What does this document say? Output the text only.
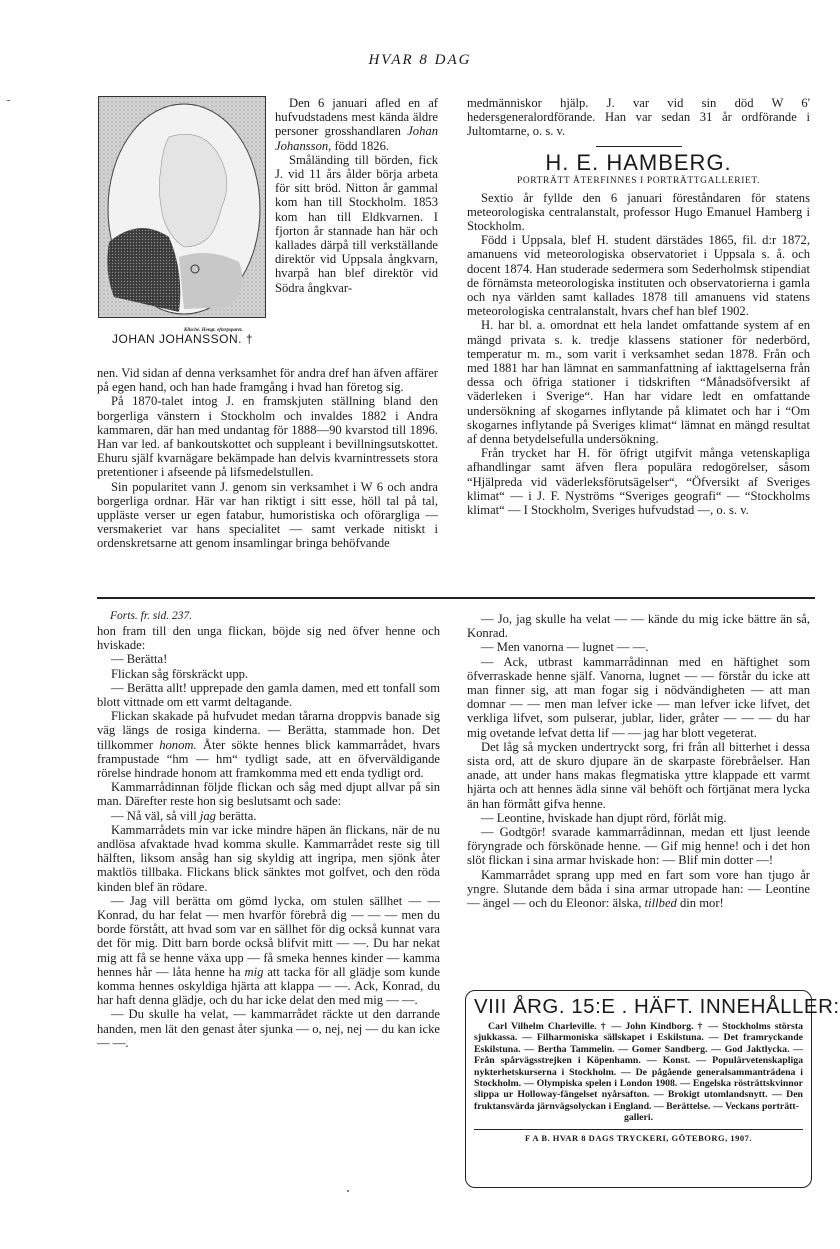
HVAR 8 DAG
Klisché. Hengt. efterpsparet.
JOHAN JOHANSSON. †

Den 6 januari afled en af hufvudstadens mest kända äldre personer grosshandlaren Johan Johansson, född 1826.

Småländing till börden, fick J. vid 11 års ålder börja arbeta för sitt bröd. Nitton år gammal kom han till Stockholm. 1853 kom han till Eldkvarnen. I fjorton år stannade han här och kallades därpå till verkställande direktör vid Uppsala ångkvarn, hvarpå han blef direktör vid Södra ångkvar-

nen. Vid sidan af denna verksamhet för andra dref han äfven affärer på egen hand, och han hade framgång i hvad han företog sig.

På 1870-talet intog J. en framskjuten ställning bland den borgerliga vänstern i Stockholm och invaldes 1882 i Andra kammaren, där han med undantag för 1888—90 kvarstod till 1896. Han var led. af bankoutskottet och suppleant i bevillningsutskottet. Ehuru själf kvarnägare bekämpade han delvis kvarnintressets stora pretentioner i afseende på lifsmedelstullen.

Sin popularitet vann J. genom sin verksamhet i W 6 och andra borgerliga ordnar. Här var han riktigt i sitt esse, höll tal på tal, uppläste verser ur egen fatabur, humoristiska och oförargliga — versmakeriet var hans specialitet — samt verkade nitiskt i ordenskretsarne att genom insamlingar bringa behöfvande

medmänniskor hjälp. J. var vid sin död W 6' hedersgeneralordförande. Han var sedan 31 år ordförande i Jultomtarne, o. s. v.

H. E. HAMBERG.
PORTRÄTT ÅTERFINNES I PORTRÄTTGALLERIET.

Sextio år fyllde den 6 januari föreståndaren för statens meteorologiska centralanstalt, professor Hugo Emanuel Hamberg i Stockholm.

Född i Uppsala, blef H. student därstädes 1865, fil. d:r 1872, amanuens vid meteorologiska observatoriet i Uppsala s. å. och docent 1874. Han studerade sedermera som Sederholmsk stipendiat de förnämsta meteorologiska instituten och observatorierna i gamla och nya världen samt kallades 1878 till amanuens vid statens meteorologiska centralanstalt, hvars chef han blef 1902.

H. har bl. a. omordnat ett hela landet omfattande system af en mängd privata s. k. tredje klassens stationer för nederbörd, temperatur m. m., som varit i verksamhet sedan 1878. Från och med 1881 har han lämnat en sammanfattning af iakttagelserna från dessa och öfriga stationer i tidskriften “Månadsöfversikt af väderleken i Sverige“. Han har vidare ledt en omfattande undersökning af skogarnes inflytande på klimatet och har i “Om skogarnes inflytande på Sveriges klimat“ lämnat en mängd resultat af denna betydelsefulla undersökning.

Från trycket har H. för öfrigt utgifvit många vetenskapliga afhandlingar samt äfven flera populära redogörelser, såsom “Hjälpreda vid väderleksförutsägelser“, “Öfversikt af Sveriges klimat“ — i J. F. Nyströms “Sveriges geografi“ — “Stockholms klimat“ — I Stockholm, Sveriges hufvudstad —, o. s. v.

Forts. fr. sid. 237.

hon fram till den unga flickan, böjde sig ned öfver henne och hviskade:

— Berätta!

Flickan såg förskräckt upp.

— Berätta allt! upprepade den gamla damen, med ett tonfall som blott vittnade om ett varmt deltagande.

Flickan skakade på hufvudet medan tårarna droppvis banade sig väg längs de rosiga kinderna. — Berätta, stammade hon. Det tillkommer honom. Åter sökte hennes blick kammarrådet, hvars frampustade “hm — hm“ tydligt sade, att en öfverväldigande rörelse hindrade honom att framkomma med ett enda tydligt ord.

Kammarrådinnan följde flickan och såg med djupt allvar på sin man. Därefter reste hon sig beslutsamt och sade:

— Nå väl, så vill jag berätta.

Kammarrådets min var icke mindre häpen än flickans, när de nu andlösa afvaktade hvad komma skulle. Kammarrådet reste sig till hälften, liksom ansåg han sig skyldig att ingripa, men sjönk åter maktlös tillbaka. Flickans blick sänktes mot golfvet, och den röda kinden blef än rödare.

— Jag vill berätta om gömd lycka, om stulen sällhet — — Konrad, du har felat — men hvarför förebrå dig — — — men du borde förstått, att hvad som var en sällhet för dig också kunnat vara det för mig. Ditt barn borde också blifvit mitt — —. Du har nekat mig att få se henne växa upp — få smeka hennes kinder — kamma hennes hår — låta henne ha mig att tacka för all glädje som kunde komma hennes oskyldiga hjärta att klappa — —. Ack, Konrad, du har haft denna glädje, och du har icke delat den med mig — —.

— Du skulle ha velat, — kammarrådet räckte ut den darrande handen, men lät den genast åter sjunka — o, nej, nej — du kan icke — —.

— Jo, jag skulle ha velat — — kände du mig icke bättre än så, Konrad.

— Men vanorna — lugnet — —.

— Ack, utbrast kammarrådinnan med en häftighet som öfverraskade henne själf. Vanorna, lugnet — — förstår du icke att man finner sig, att man fogar sig i nödvändigheten — att man domnar — — men man lefver icke — man lefver icke lifvet, det verkliga lifvet, som pulserar, jublar, lider, gråter — — — du har mig ovetande lefvat detta lif — — jag har blott vegeterat.

Det låg så mycken undertryckt sorg, fri från all bitterhet i dessa sista ord, att de skuro djupare än de skarpaste förebråelser. Han anade, att under hans makas flegmatiska yttre klappade ett varmt hjärta och att hennes ädla sinne väl behöft och förtjänat mera lycka än han förmått gifva henne.

— Leontine, hviskade han djupt rörd, förlåt mig.

— Godtgör! svarade kammarrådinnan, medan ett ljust leende föryngrade och förskönade henne. — Gif mig henne! och i det hon slöt flickan i sina armar hviskade hon: — Blif min dotter —!

Kammarrådet sprang upp med en fart som vore han tjugo år yngre. Slutande dem båda i sina armar utropade han: — Leontine — ängel — och du Eleonor: älska, tillbed din mor!

VIII ÅRG. 15:E . HÄFT. INNEHÅLLER:
Carl Vilhelm Charleville. † — John Kindborg. † — Stockholms största sjukkassa. — Filharmoniska sällskapet i Eskilstuna. — Det framryckande Eskilstuna. — Bertha Tammelin. — Gomer Sandberg. — God Jaktlycka. — Från spårvägsstrejken i Köpenhamn. — Konst. — Populärvetenskapliga nykterhetskurserna i Stockholm. — De pågående generalsammanträdena i Stockholm. — Olympiska spelen i London 1908. — Engelska rösträttskvinnor slippa ur Holloway-fängelset nyårsafton. — Brokigt utomlandsnytt. — Den fruktansvärda järnvägsolyckan i England. — Berättelse. — Veckans porträtt-
galleri.
F A B. HVAR 8 DAGS TRYCKERI, GÖTEBORG, 1907.
